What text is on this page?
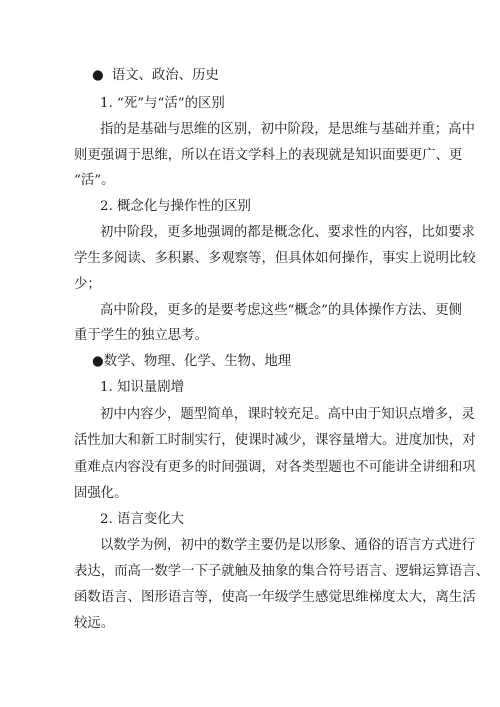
● 语文、政治、历史
1. “死”与“活”的区别
指的是基础与思维的区别，初中阶段，是思维与基础并重；高中
则更强调于思维，所以在语文学科上的表现就是知识面要更广、更
“活”。
2. 概念化与操作性的区别
初中阶段，更多地强调的都是概念化、要求性的内容，比如要求
学生多阅读、多积累、多观察等，但具体如何操作，事实上说明比较
少；
高中阶段，更多的是要考虑这些“概念”的具体操作方法、更侧
重于学生的独立思考。
●数学、物理、化学、生物、地理
1. 知识量剧增
初中内容少，题型简单，课时较充足。高中由于知识点增多，灵
活性加大和新工时制实行，使课时减少，课容量增大。进度加快，对
重难点内容没有更多的时间强调，对各类型题也不可能讲全讲细和巩
固强化。
2. 语言变化大
以数学为例，初中的数学主要仍是以形象、通俗的语言方式进行
表达，而高一数学一下子就触及抽象的集合符号语言、逻辑运算语言、
函数语言、图形语言等，使高一年级学生感觉思维梯度太大，离生活
较远。
